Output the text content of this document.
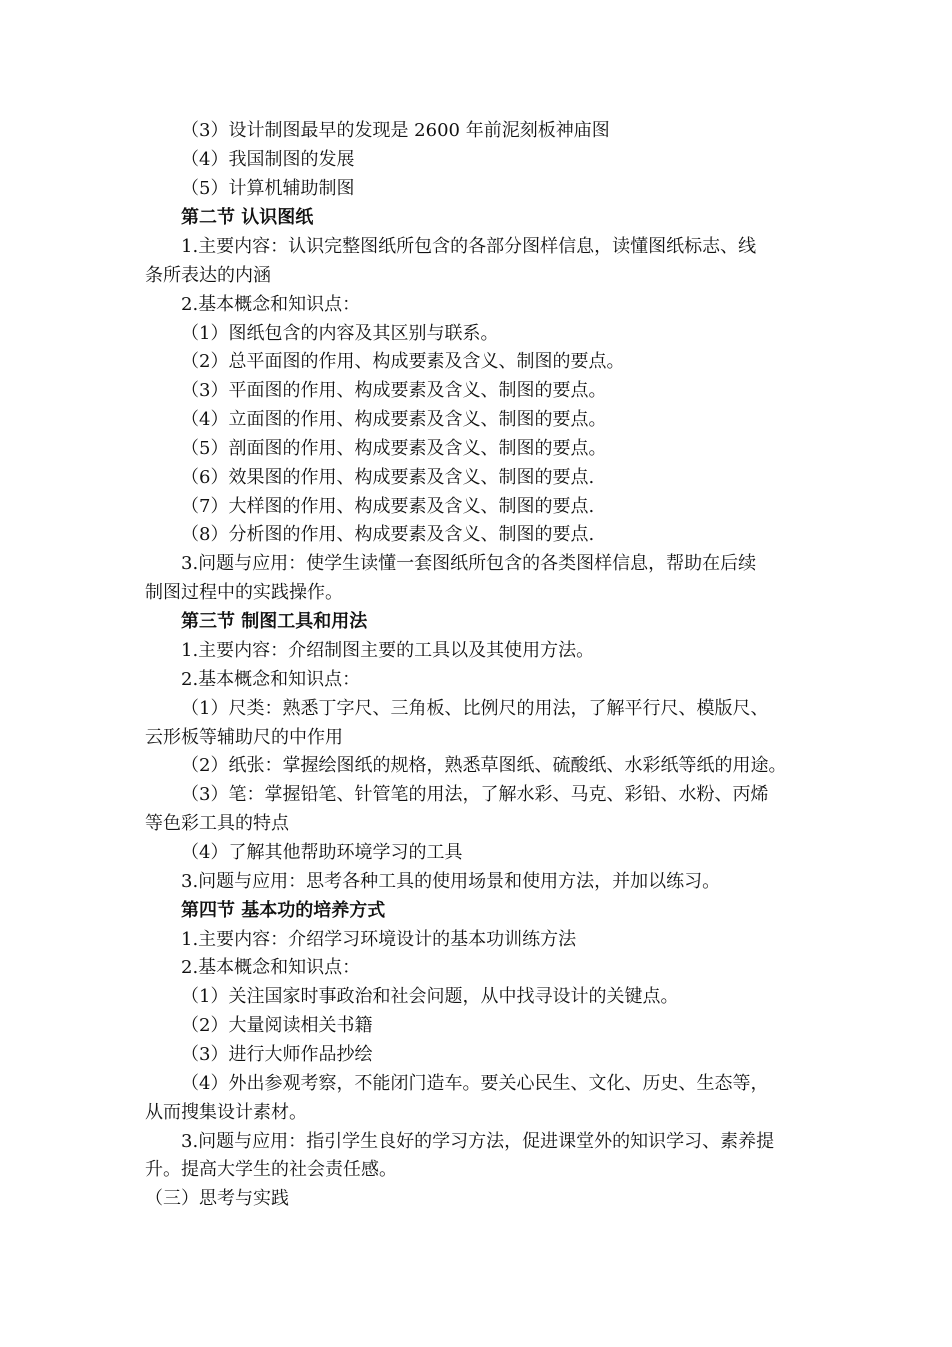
（3）设计制图最早的发现是 2600 年前泥刻板神庙图
（4）我国制图的发展
（5）计算机辅助制图
第二节 认识图纸
1.主要内容：认识完整图纸所包含的各部分图样信息，读懂图纸标志、线
条所表达的内涵
2.基本概念和知识点：
（1）图纸包含的内容及其区别与联系。
（2）总平面图的作用、构成要素及含义、制图的要点。
（3）平面图的作用、构成要素及含义、制图的要点。
（4）立面图的作用、构成要素及含义、制图的要点。
（5）剖面图的作用、构成要素及含义、制图的要点。
（6）效果图的作用、构成要素及含义、制图的要点.
（7）大样图的作用、构成要素及含义、制图的要点.
（8）分析图的作用、构成要素及含义、制图的要点.
3.问题与应用：使学生读懂一套图纸所包含的各类图样信息，帮助在后续
制图过程中的实践操作。
第三节 制图工具和用法
1.主要内容：介绍制图主要的工具以及其使用方法。
2.基本概念和知识点：
（1）尺类：熟悉丁字尺、三角板、比例尺的用法，了解平行尺、模版尺、
云形板等辅助尺的中作用
（2）纸张：掌握绘图纸的规格，熟悉草图纸、硫酸纸、水彩纸等纸的用途。
（3）笔：掌握铅笔、针管笔的用法，了解水彩、马克、彩铅、水粉、丙烯
等色彩工具的特点
（4）了解其他帮助环境学习的工具
3.问题与应用：思考各种工具的使用场景和使用方法，并加以练习。
第四节 基本功的培养方式
1.主要内容：介绍学习环境设计的基本功训练方法
2.基本概念和知识点：
（1）关注国家时事政治和社会问题，从中找寻设计的关键点。
（2）大量阅读相关书籍
（3）进行大师作品抄绘
（4）外出参观考察，不能闭门造车。要关心民生、文化、历史、生态等，
从而搜集设计素材。
3.问题与应用：指引学生良好的学习方法，促进课堂外的知识学习、素养提
升。提高大学生的社会责任感。
（三）思考与实践
